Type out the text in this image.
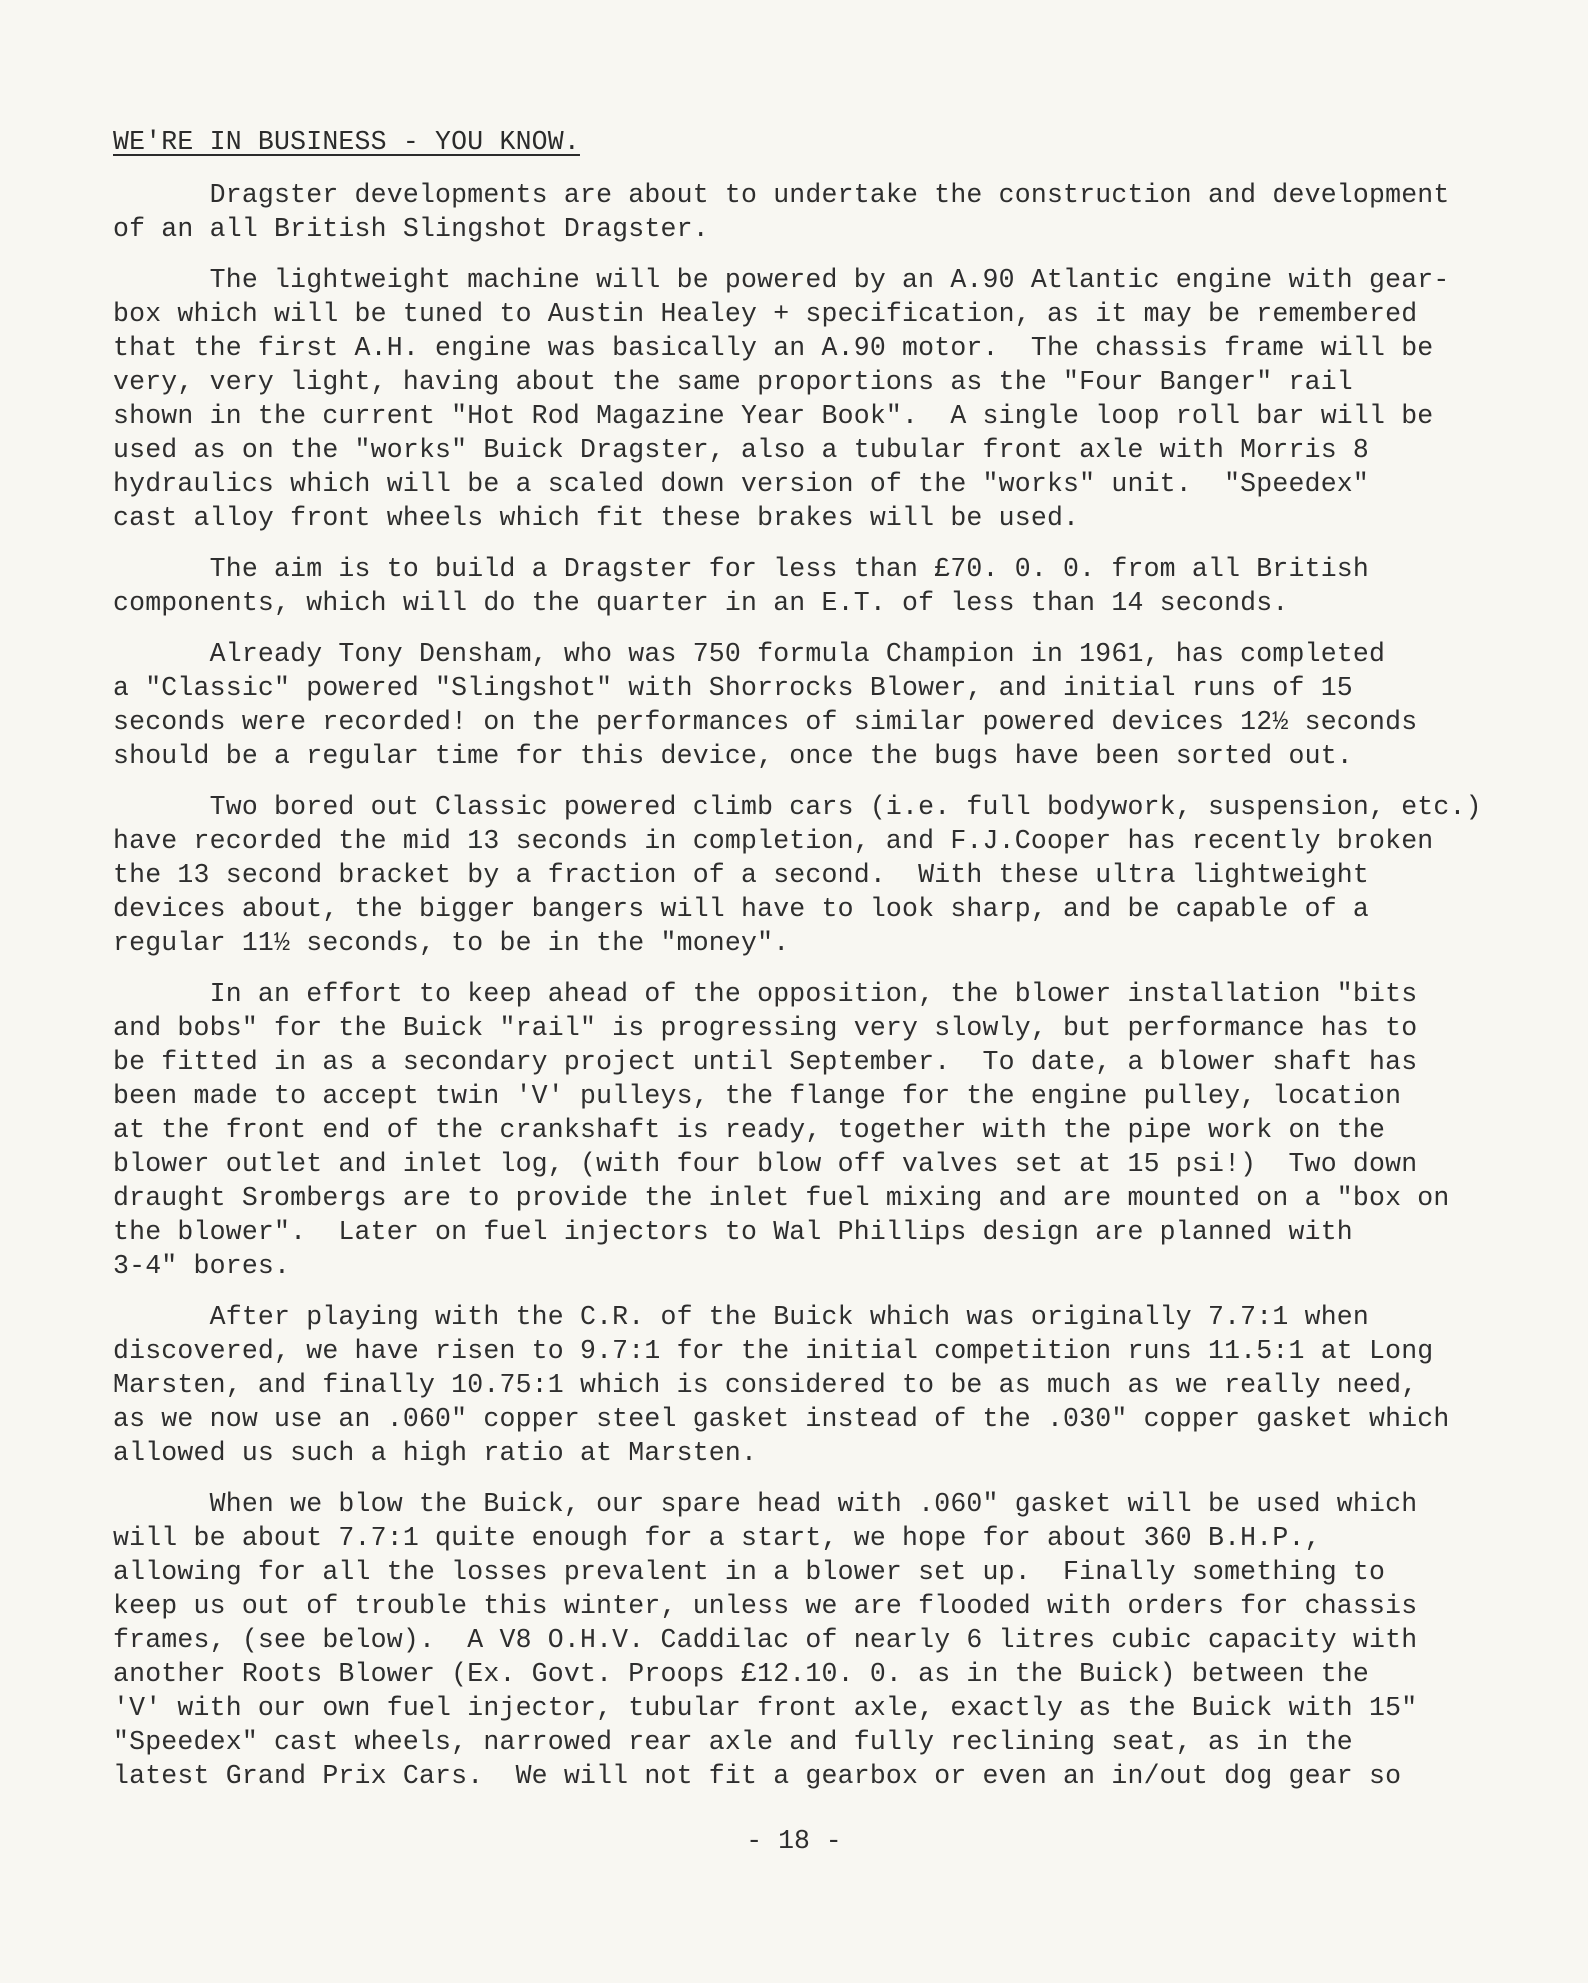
WE'RE IN BUSINESS - YOU KNOW.
Dragster developments are about to undertake the construction and development
of an all British Slingshot Dragster.
The lightweight machine will be powered by an A.90 Atlantic engine with gear-
box which will be tuned to Austin Healey + specification, as it may be remembered
that the first A.H. engine was basically an A.90 motor.  The chassis frame will be
very, very light, having about the same proportions as the "Four Banger" rail
shown in the current "Hot Rod Magazine Year Book".  A single loop roll bar will be
used as on the "works" Buick Dragster, also a tubular front axle with Morris 8
hydraulics which will be a scaled down version of the "works" unit.  "Speedex"
cast alloy front wheels which fit these brakes will be used.
The aim is to build a Dragster for less than £70. 0. 0. from all British
components, which will do the quarter in an E.T. of less than 14 seconds.
Already Tony Densham, who was 750 formula Champion in 1961, has completed
a "Classic" powered "Slingshot" with Shorrocks Blower, and initial runs of 15
seconds were recorded! on the performances of similar powered devices 12½ seconds
should be a regular time for this device, once the bugs have been sorted out.
Two bored out Classic powered climb cars (i.e. full bodywork, suspension, etc.)
have recorded the mid 13 seconds in completion, and F.J.Cooper has recently broken
the 13 second bracket by a fraction of a second.  With these ultra lightweight
devices about, the bigger bangers will have to look sharp, and be capable of a
regular 11½ seconds, to be in the "money".
In an effort to keep ahead of the opposition, the blower installation "bits
and bobs" for the Buick "rail" is progressing very slowly, but performance has to
be fitted in as a secondary project until September.  To date, a blower shaft has
been made to accept twin 'V' pulleys, the flange for the engine pulley, location
at the front end of the crankshaft is ready, together with the pipe work on the
blower outlet and inlet log, (with four blow off valves set at 15 psi!)  Two down
draught Srombergs are to provide the inlet fuel mixing and are mounted on a "box on
the blower".  Later on fuel injectors to Wal Phillips design are planned with
3-4" bores.
After playing with the C.R. of the Buick which was originally 7.7:1 when
discovered, we have risen to 9.7:1 for the initial competition runs 11.5:1 at Long
Marsten, and finally 10.75:1 which is considered to be as much as we really need,
as we now use an .060" copper steel gasket instead of the .030" copper gasket which
allowed us such a high ratio at Marsten.
When we blow the Buick, our spare head with .060" gasket will be used which
will be about 7.7:1 quite enough for a start, we hope for about 360 B.H.P.,
allowing for all the losses prevalent in a blower set up.  Finally something to
keep us out of trouble this winter, unless we are flooded with orders for chassis
frames, (see below).  A V8 O.H.V. Caddilac of nearly 6 litres cubic capacity with
another Roots Blower (Ex. Govt. Proops £12.10. 0. as in the Buick) between the
'V' with our own fuel injector, tubular front axle, exactly as the Buick with 15"
"Speedex" cast wheels, narrowed rear axle and fully reclining seat, as in the
latest Grand Prix Cars.  We will not fit a gearbox or even an in/out dog gear so
- 18 -
